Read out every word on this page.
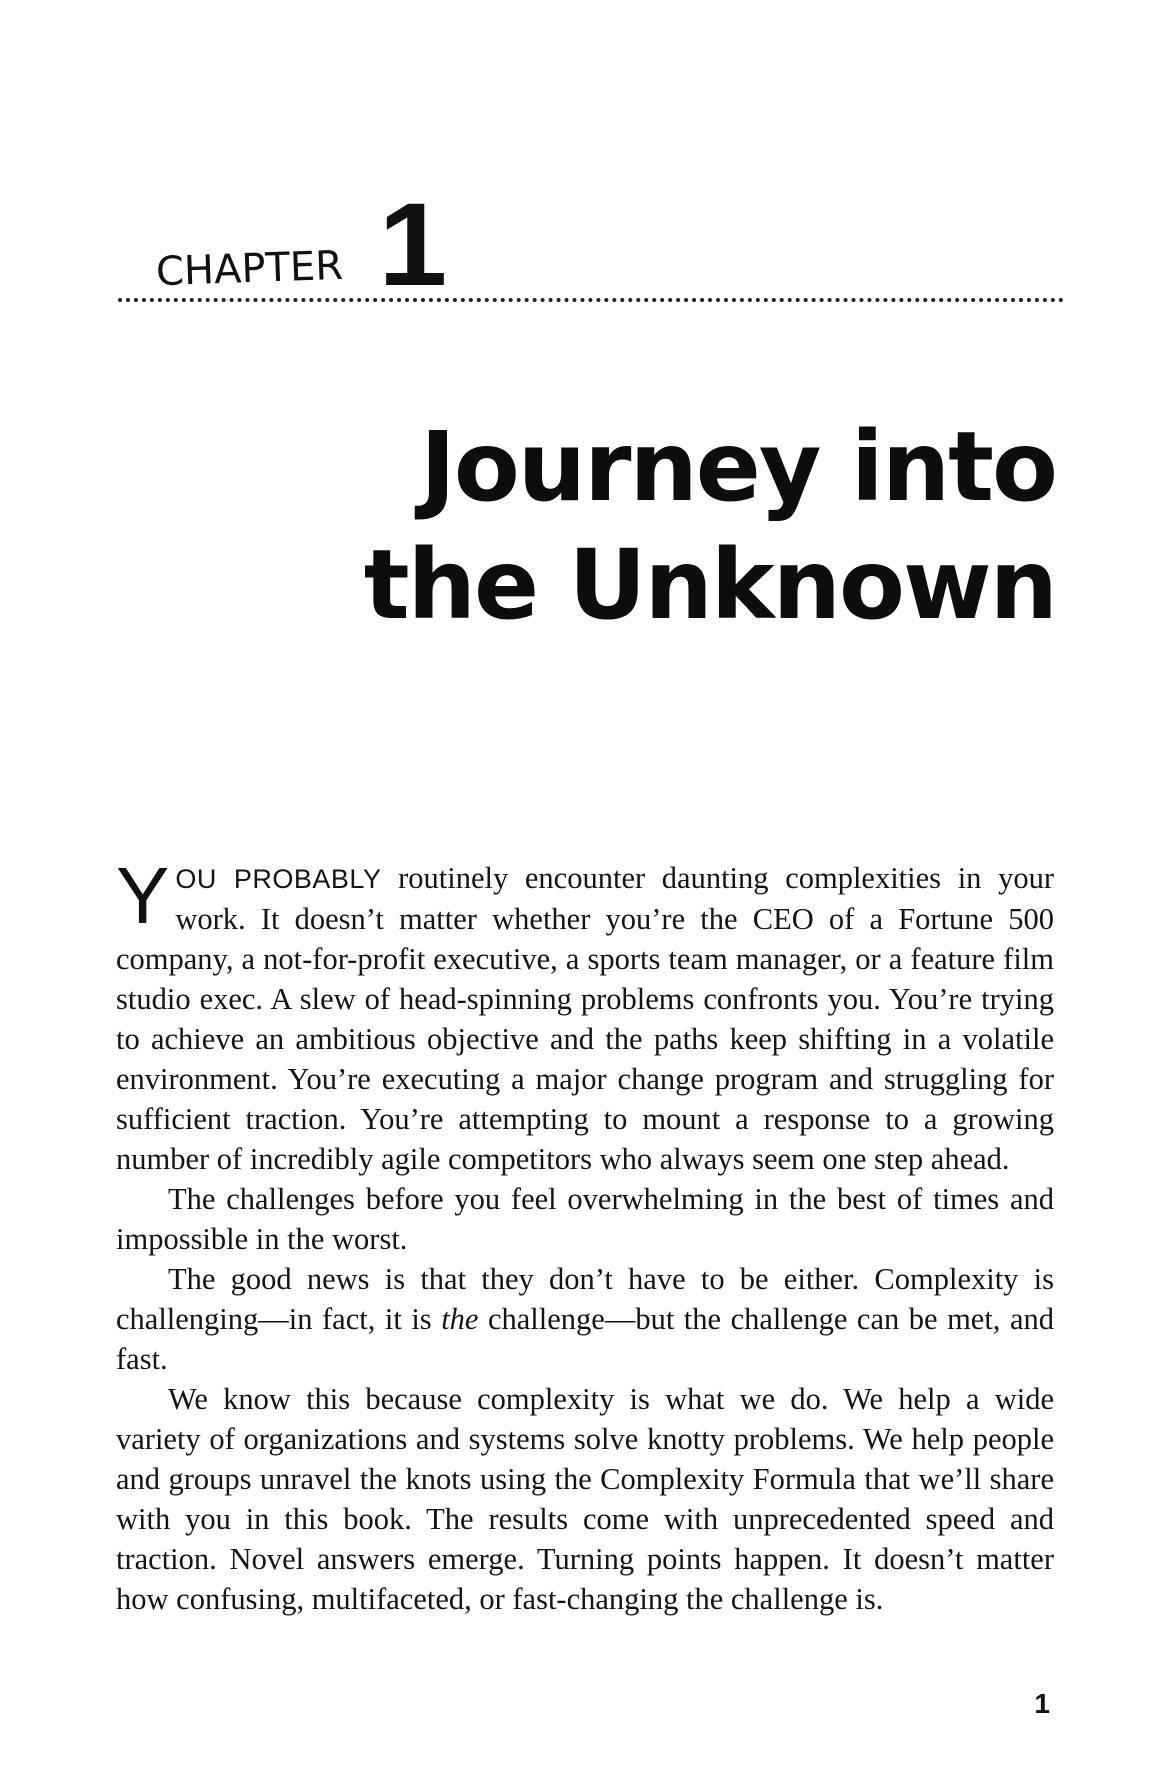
CHAPTER 1
Journey into
the Unknown

YOU PROBABLY routinely encounter daunting complexities in your work. It doesn’t matter whether you’re the CEO of a Fortune 500 company, a not-for-profit executive, a sports team manager, or a feature film studio exec. A slew of head-spinning problems confronts you. You’re trying to achieve an ambitious objective and the paths keep shifting in a volatile environment. You’re executing a major change program and struggling for sufficient traction. You’re attempting to mount a response to a growing number of incredibly agile competitors who always seem one step ahead.

The challenges before you feel overwhelming in the best of times and impossible in the worst.

The good news is that they don’t have to be either. Complexity is challenging—in fact, it is the challenge—but the challenge can be met, and fast.

We know this because complexity is what we do. We help a wide variety of organizations and systems solve knotty problems. We help people and groups unravel the knots using the Complexity Formula that we’ll share with you in this book. The results come with unprecedented speed and traction. Novel answers emerge. Turning points happen. It doesn’t matter how confusing, multifaceted, or fast-changing the challenge is.

1
